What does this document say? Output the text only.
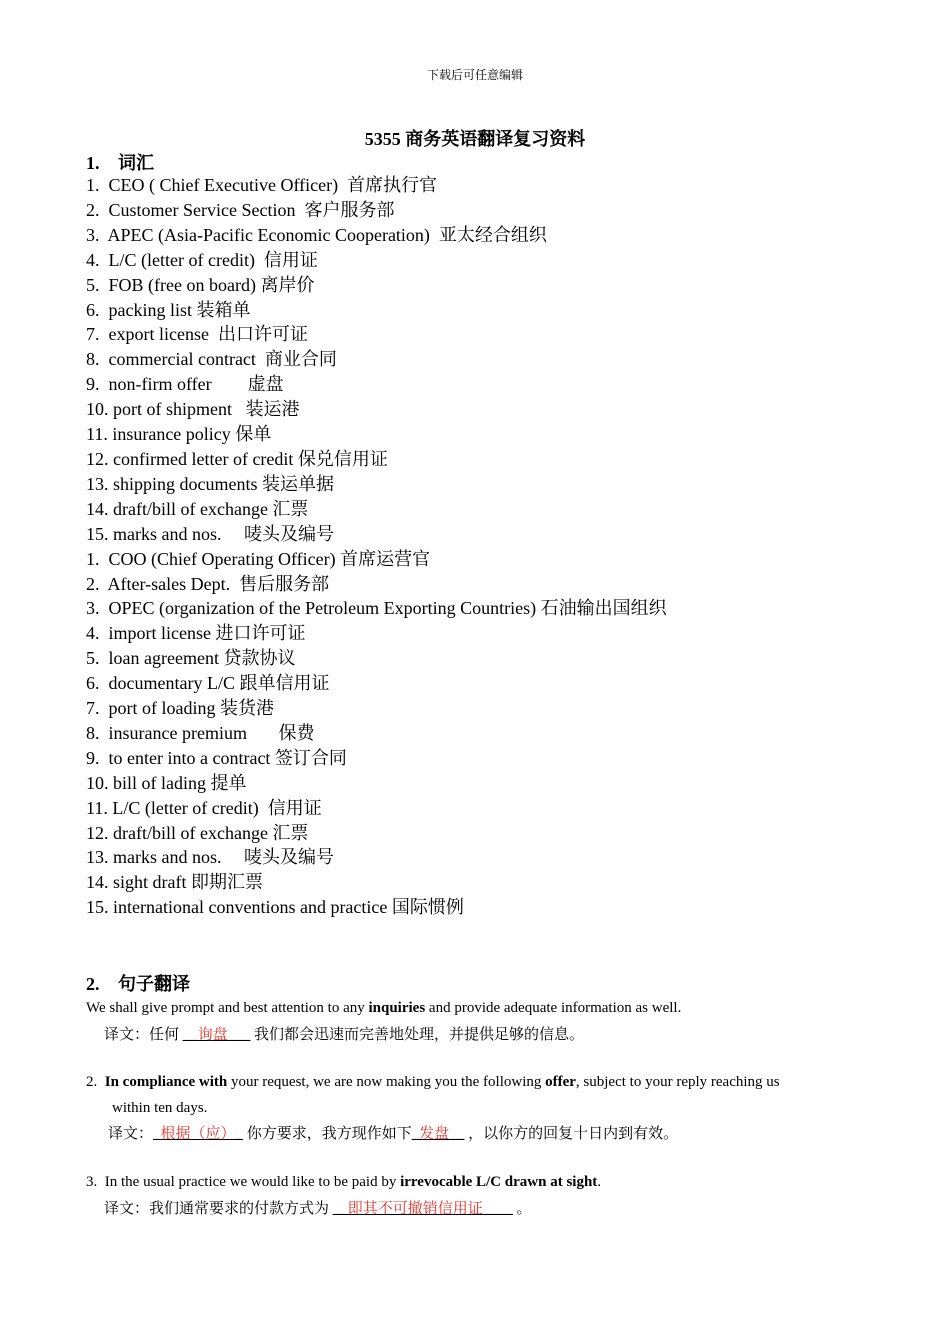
下载后可任意编辑
5355 商务英语翻译复习资料
1. 词汇
1.  CEO ( Chief Executive Officer)  首席执行官
2.  Customer Service Section  客户服务部
3.  APEC (Asia-Pacific Economic Cooperation)  亚太经合组织
4.  L/C (letter of credit)  信用证
5.  FOB (free on board) 离岸价
6.  packing list 装箱单
7.  export license  出口许可证
8.  commercial contract  商业合同
9.  non-firm offer        虚盘
10. port of shipment   装运港
11. insurance policy 保单
12. confirmed letter of credit 保兑信用证
13. shipping documents 装运单据
14. draft/bill of exchange 汇票
15. marks and nos.     唛头及编号
1.  COO (Chief Operating Officer) 首席运营官
2.  After-sales Dept.  售后服务部
3.  OPEC (organization of the Petroleum Exporting Countries) 石油输出国组织
4.  import license 进口许可证
5.  loan agreement 贷款协议
6.  documentary L/C 跟单信用证
7.  port of loading 装货港
8.  insurance premium       保费
9.  to enter into a contract 签订合同
10. bill of lading 提单
11. L/C (letter of credit)  信用证
12. draft/bill of exchange 汇票
13. marks and nos.     唛头及编号
14. sight draft 即期汇票
15. international conventions and practice 国际惯例
2. 句子翻译
We shall give prompt and best attention to any inquiries and provide adequate information as well.
译文：任何 __询盘___ 我们都会迅速而完善地处理，并提供足够的信息。
2.  In compliance with your request, we are now making you the following offer, subject to your reply reaching us
within ten days.
译文：_根据（应）_ 你方要求，我方现作如下_发盘__ ，以你方的回复十日内到有效。
3.  In the usual practice we would like to be paid by irrevocable L/C drawn at sight.
译文：我们通常要求的付款方式为 __即其不可撤销信用证____ 。
